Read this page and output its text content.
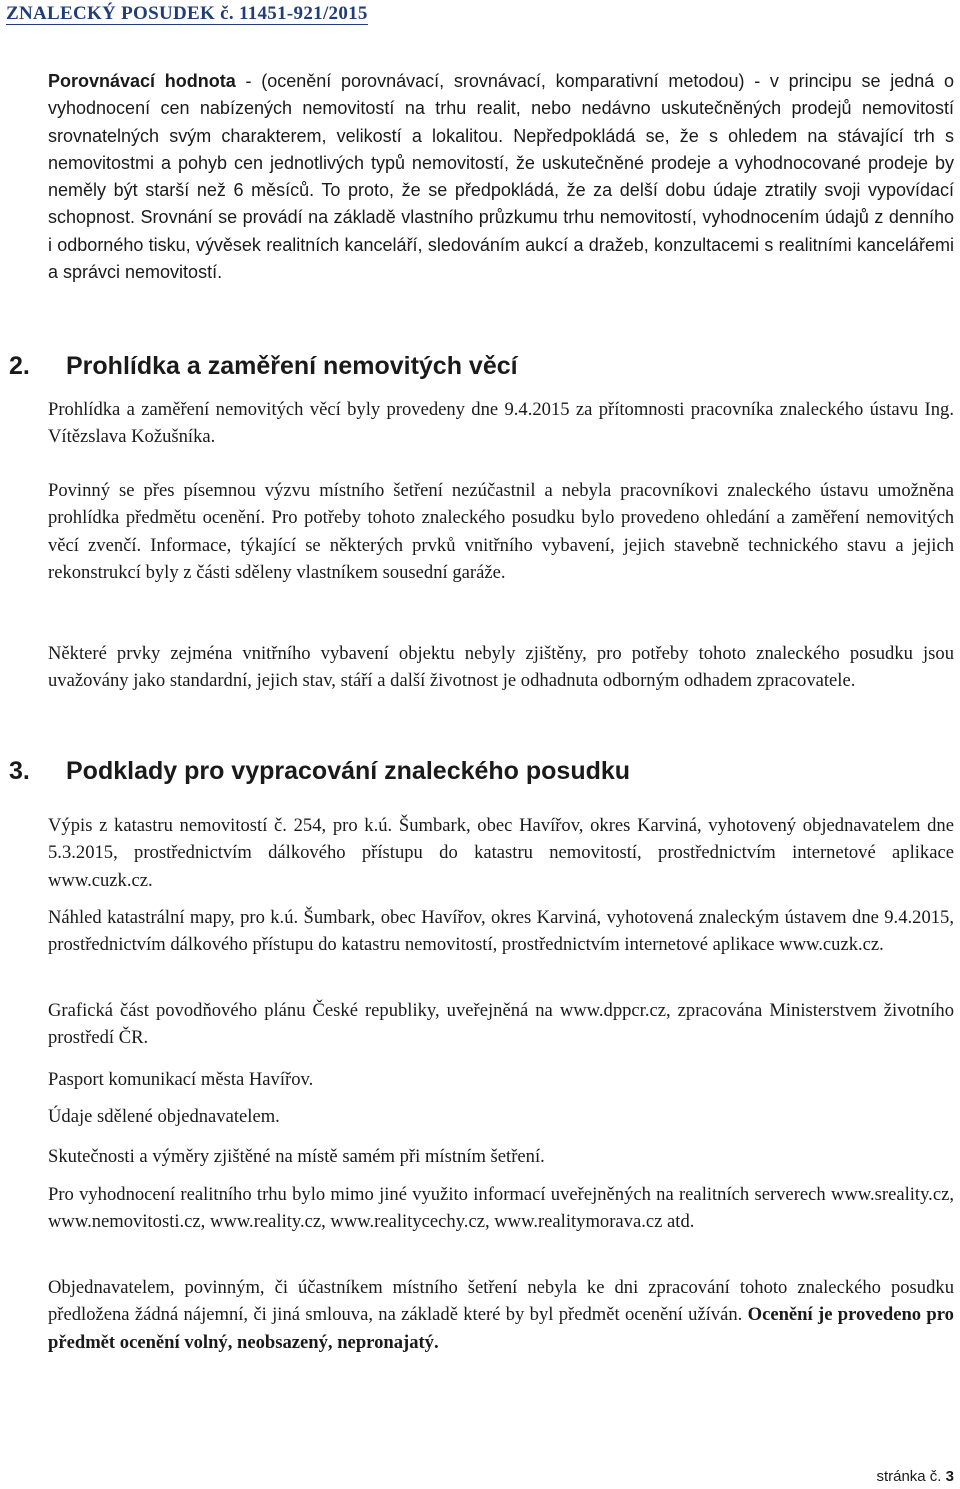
ZNALECKÝ POSUDEK č. 11451-921/2015

Porovnávací hodnota - (ocenění porovnávací, srovnávací, komparativní metodou) - v principu se jedná o vyhodnocení cen nabízených nemovitostí na trhu realit, nebo nedávno uskutečněných prodejů nemovitostí srovnatelných svým charakterem, velikostí a lokalitou. Nepředpokládá se, že s ohledem na stávající trh s nemovitostmi a pohyb cen jednotlivých typů nemovitostí, že uskutečněné prodeje a vyhodnocované prodeje by neměly být starší než 6 měsíců. To proto, že se předpokládá, že za delší dobu údaje ztratily svoji vypovídací schopnost. Srovnání se provádí na základě vlastního průzkumu trhu nemovitostí, vyhodnocením údajů z denního i odborného tisku, vývěsek realitních kanceláří, sledováním aukcí a dražeb, konzultacemi s realitními kancelářemi a správci nemovitostí.

2. Prohlídka a zaměření nemovitých věcí

Prohlídka a zaměření nemovitých věcí byly provedeny dne 9.4.2015 za přítomnosti pracovníka znaleckého ústavu Ing. Vítězslava Kožušníka.

Povinný se přes písemnou výzvu místního šetření nezúčastnil a nebyla pracovníkovi znaleckého ústavu umožněna prohlídka předmětu ocenění. Pro potřeby tohoto znaleckého posudku bylo provedeno ohledání a zaměření nemovitých věcí zvenčí. Informace, týkající se některých prvků vnitřního vybavení, jejich stavebně technického stavu a jejich rekonstrukcí byly z části sděleny vlastníkem sousední garáže.

Některé prvky zejména vnitřního vybavení objektu nebyly zjištěny, pro potřeby tohoto znaleckého posudku jsou uvažovány jako standardní, jejich stav, stáří a další životnost je odhadnuta odborným odhadem zpracovatele.

3. Podklady pro vypracování znaleckého posudku

Výpis z katastru nemovitostí č. 254, pro k.ú. Šumbark, obec Havířov, okres Karviná, vyhotovený objednavatelem dne 5.3.2015, prostřednictvím dálkového přístupu do katastru nemovitostí, prostřednictvím internetové aplikace www.cuzk.cz.

Náhled katastrální mapy, pro k.ú. Šumbark, obec Havířov, okres Karviná, vyhotovená znaleckým ústavem dne 9.4.2015, prostřednictvím dálkového přístupu do katastru nemovitostí, prostřednictvím internetové aplikace www.cuzk.cz.

Grafická část povodňového plánu České republiky, uveřejněná na www.dppcr.cz, zpracována Ministerstvem životního prostředí ČR.

Pasport komunikací města Havířov.

Údaje sdělené objednavatelem.

Skutečnosti a výměry zjištěné na místě samém při místním šetření.

Pro vyhodnocení realitního trhu bylo mimo jiné využito informací uveřejněných na realitních serverech www.sreality.cz, www.nemovitosti.cz, www.reality.cz, www.realitycechy.cz, www.realitymorava.cz atd.

Objednavatelem, povinným, či účastníkem místního šetření nebyla ke dni zpracování tohoto znaleckého posudku předložena žádná nájemní, či jiná smlouva, na základě které by byl předmět ocenění užíván. Ocenění je provedeno pro předmět ocenění volný, neobsazený, nepronajatý.

stránka č. 3
